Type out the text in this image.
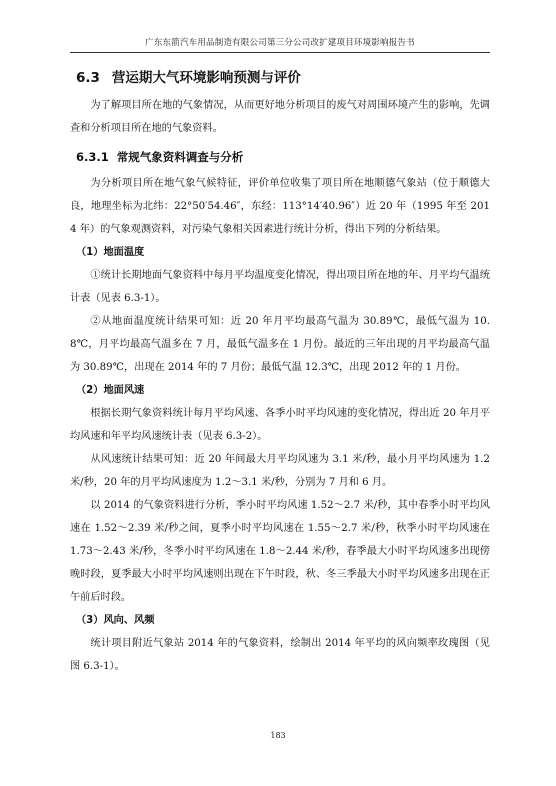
广东东箭汽车用品制造有限公司第三分公司改扩建项目环境影响报告书
6.3 营运期大气环境影响预测与评价

为了解项目所在地的气象情况，从而更好地分析项目的废气对周围环境产生的影响，先调查和分析项目所在地的气象资料。

6.3.1 常规气象资料调查与分析

为分析项目所在地气象气候特征，评价单位收集了项目所在地顺德气象站（位于顺德大良，地理坐标为北纬：22°50′54.46″，东经：113°14′40.96″）近 20 年（1995 年至 2014 年）的气象观测资料，对污染气象相关因素进行统计分析，得出下列的分析结果。

（1）地面温度

①统计长期地面气象资料中每月平均温度变化情况，得出项目所在地的年、月平均气温统计表（见表 6.3-1）。

②从地面温度统计结果可知：近 20 年月平均最高气温为 30.89℃，最低气温为 10.8℃，月平均最高气温多在 7 月，最低气温多在 1 月份。最近的三年出现的月平均最高气温为 30.89℃，出现在 2014 年的 7 月份；最低气温 12.3℃，出现 2012 年的 1 月份。

（2）地面风速

根据长期气象资料统计每月平均风速、各季小时平均风速的变化情况，得出近 20 年月平均风速和年平均风速统计表（见表 6.3-2）。

从风速统计结果可知：近 20 年间最大月平均风速为 3.1 米/秒，最小月平均风速为 1.2 米/秒，20 年的月平均风速度为 1.2～3.1 米/秒，分别为 7 月和 6 月。

以 2014 的气象资料进行分析，季小时平均风速 1.52～2.7 米/秒，其中春季小时平均风速在 1.52～2.39 米/秒之间，夏季小时平均风速在 1.55～2.7 米/秒，秋季小时平均风速在 1.73～2.43 米/秒，冬季小时平均风速在 1.8～2.44 米/秒，春季最大小时平均风速多出现傍晚时段，夏季最大小时平均风速则出现在下午时段，秋、冬三季最大小时平均风速多出现在正午前后时段。

（3）风向、风频

统计项目附近气象站 2014 年的气象资料，绘制出 2014 年平均的风向频率玫瑰图（见图 6.3-1）。

183
